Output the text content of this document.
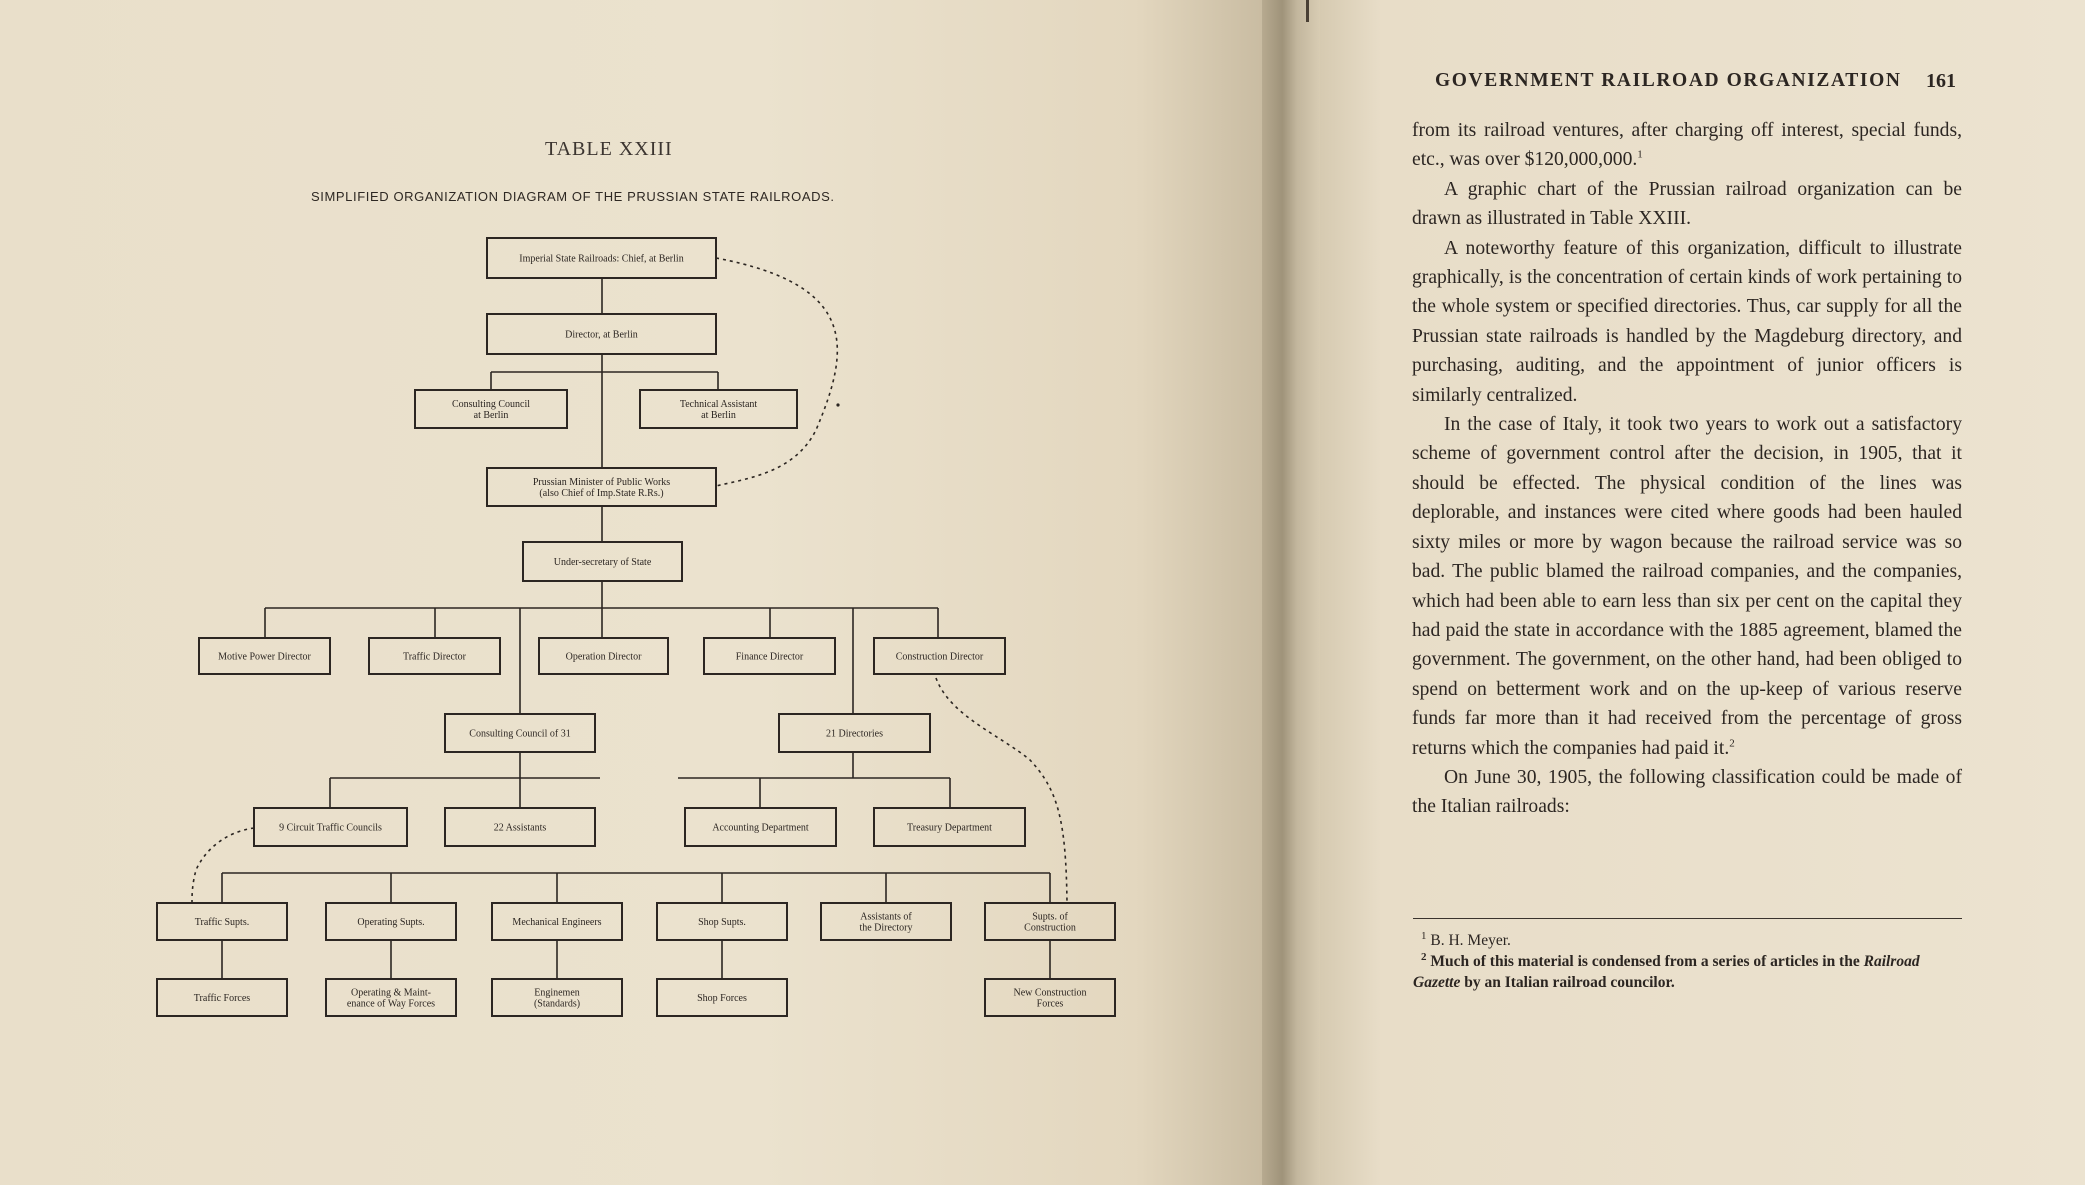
TABLE XXIII
SIMPLIFIED ORGANIZATION DIAGRAM OF THE PRUSSIAN STATE RAILROADS.
Imperial State Railroads: Chief, at Berlin
Director, at Berlin
Consulting Council
at Berlin
Technical Assistant
at Berlin
Prussian Minister of Public Works
(also Chief of Imp.State R.Rs.)
Under-secretary of State
Motive Power Director	Traffic Director	Operation Director	Finance Director	Construction Director
Consulting Council of 31	21 Directories
9 Circuit Traffic Councils	22 Assistants	Accounting Department	Treasury Department
Traffic Supts.	Operating Supts.	Mechanical Engineers	Shop Supts.	Assistants of
the Directory
Supts. of
Construction
Traffic Forces	Operating & Maint-
enance of Way Forces
Enginemen
(Standards)	Shop Forces	New Construction
Forces
GOVERNMENT RAILROAD ORGANIZATION 161

from its railroad ventures, after charging off interest, special funds, etc., was over $120,000,000.$^1$

A graphic chart of the Prussian railroad organization can be drawn as illustrated in Table XXIII.

A noteworthy feature of this organization, difficult to illustrate graphically, is the concentration of certain kinds of work pertaining to the whole system or specified directories. Thus, car supply for all the Prussian state railroads is handled by the Magdeburg directory, and purchasing, auditing, and the appointment of junior officers is similarly centralized.

In the case of Italy, it took two years to work out a satisfactory scheme of government control after the decision, in 1905, that it should be effected. The physical condition of the lines was deplorable, and instances were cited where goods had been hauled sixty miles or more by wagon because the railroad service was so bad. The public blamed the railroad companies, and the companies, which had been able to earn less than six per cent on the capital they had paid the state in accordance with the 1885 agreement, blamed the government. The government, on the other hand, had been obliged to spend on betterment work and on the up-keep of various reserve funds far more than it had received from the percentage of gross returns which the companies had paid it.$^2$

On June 30, 1905, the following classification could be made of the Italian railroads:

$^1$ B. H. Meyer.

$^2$ Much of this material is condensed from a series of articles in the Railroad Gazette by an Italian railroad councilor.
